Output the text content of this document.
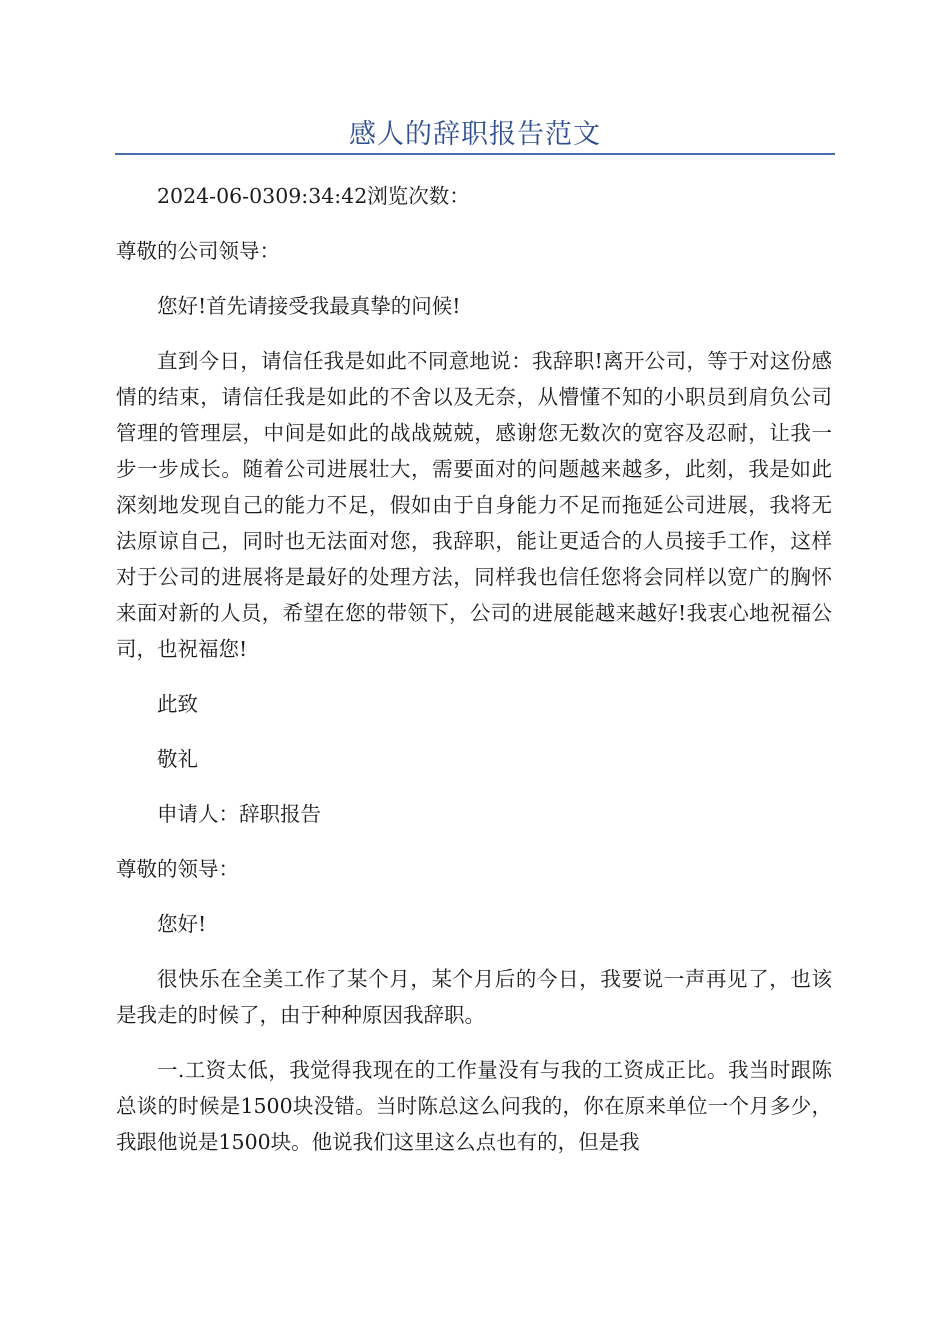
感人的辞职报告范文

2024-06-0309:34:42浏览次数：

尊敬的公司领导：

您好!首先请接受我最真挚的问候!

直到今日，请信任我是如此不同意地说：我辞职!离开公司，等于对这份感情的结束，请信任我是如此的不舍以及无奈，从懵懂不知的小职员到肩负公司管理的管理层，中间是如此的战战兢兢，感谢您无数次的宽容及忍耐，让我一步一步成长。随着公司进展壮大，需要面对的问题越来越多，此刻，我是如此深刻地发现自己的能力不足，假如由于自身能力不足而拖延公司进展，我将无法原谅自己，同时也无法面对您，我辞职，能让更适合的人员接手工作，这样对于公司的进展将是最好的处理方法，同样我也信任您将会同样以宽广的胸怀来面对新的人员，希望在您的带领下，公司的进展能越来越好!我衷心地祝福公司，也祝福您!

此致

敬礼

申请人：辞职报告

尊敬的领导：

您好!

很快乐在全美工作了某个月，某个月后的今日，我要说一声再见了，也该是我走的时候了，由于种种原因我辞职。

一.工资太低，我觉得我现在的工作量没有与我的工资成正比。我当时跟陈总谈的时候是1500块没错。当时陈总这么问我的，你在原来单位一个月多少，我跟他说是1500块。他说我们这里这么点也有的，但是我
